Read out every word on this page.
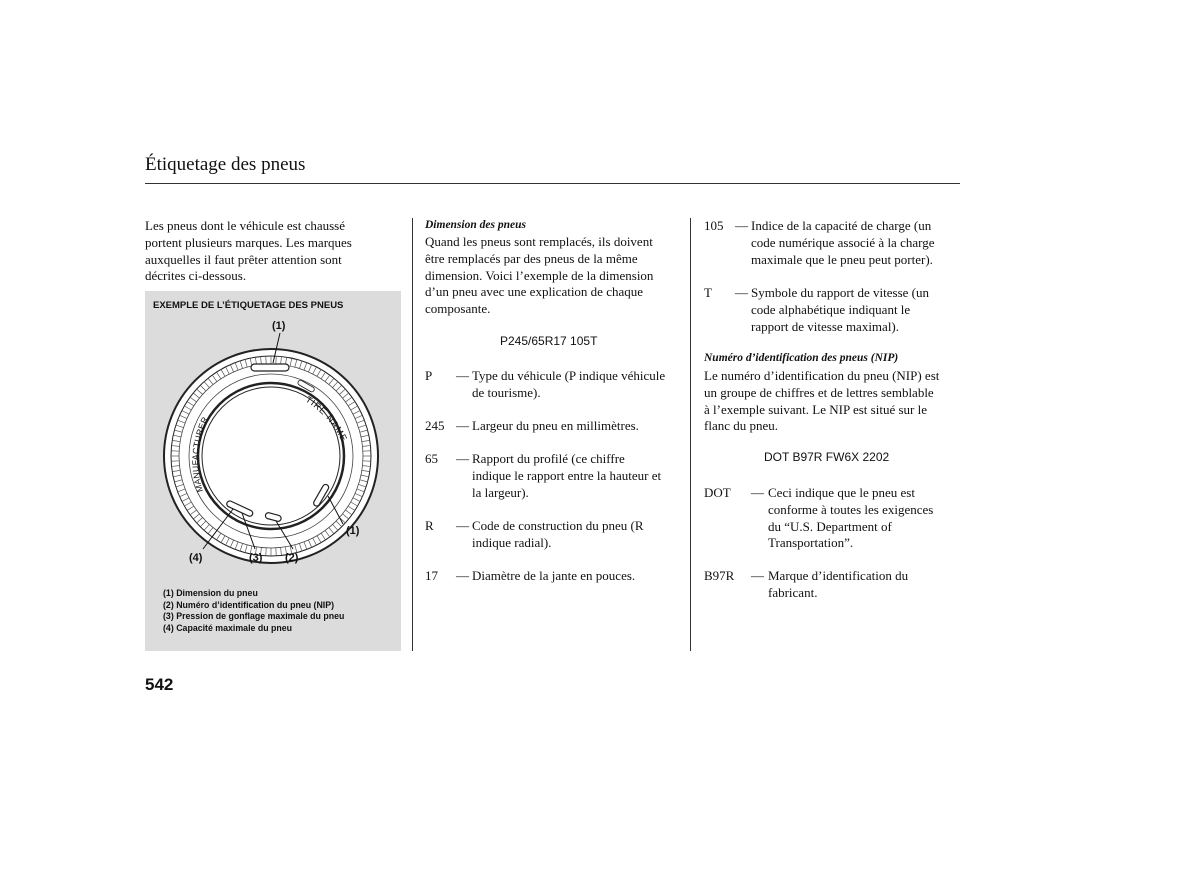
Étiquetage des pneus
Les pneus dont le véhicule est chaussé
portent plusieurs marques. Les marques
auxquelles il faut prêter attention sont
décrites ci-dessous.
EXEMPLE DE L’ÉTIQUETAGE DES PNEUS
MANUFACTURER
TIRE NAME
(1)
(1)
(4)	(3) (2)
(1) Dimension du pneu
(2) Numéro d’identification du pneu (NIP)
(3) Pression de gonflage maximale du pneu
(4) Capacité maximale du pneu
Dimension des pneus
Quand les pneus sont remplacés, ils doivent
être remplacés par des pneus de la même
dimension. Voici l’exemple de la dimension
d’un pneu avec une explication de chaque
composante.
P245/65R17 105T
P — Type du véhicule (P indique véhicule
de tourisme).
245 — Largeur du pneu en millimètres.
65 — Rapport du profilé (ce chiffre
indique le rapport entre la hauteur et
la largeur).
R — Code de construction du pneu (R
indique radial).
17 — Diamètre de la jante en pouces.
105 — Indice de la capacité de charge (un
code numérique associé à la charge
maximale que le pneu peut porter).
T — Symbole du rapport de vitesse (un
code alphabétique indiquant le
rapport de vitesse maximal).
Numéro d’identification des pneus (NIP)
Le numéro d’identification du pneu (NIP) est
un groupe de chiffres et de lettres semblable
à l’exemple suivant. Le NIP est situé sur le
flanc du pneu.
DOT B97R FW6X 2202
DOT — Ceci indique que le pneu est
conforme à toutes les exigences
du “U.S. Department of
Transportation”.
B97R — Marque d’identification du
fabricant.
542
